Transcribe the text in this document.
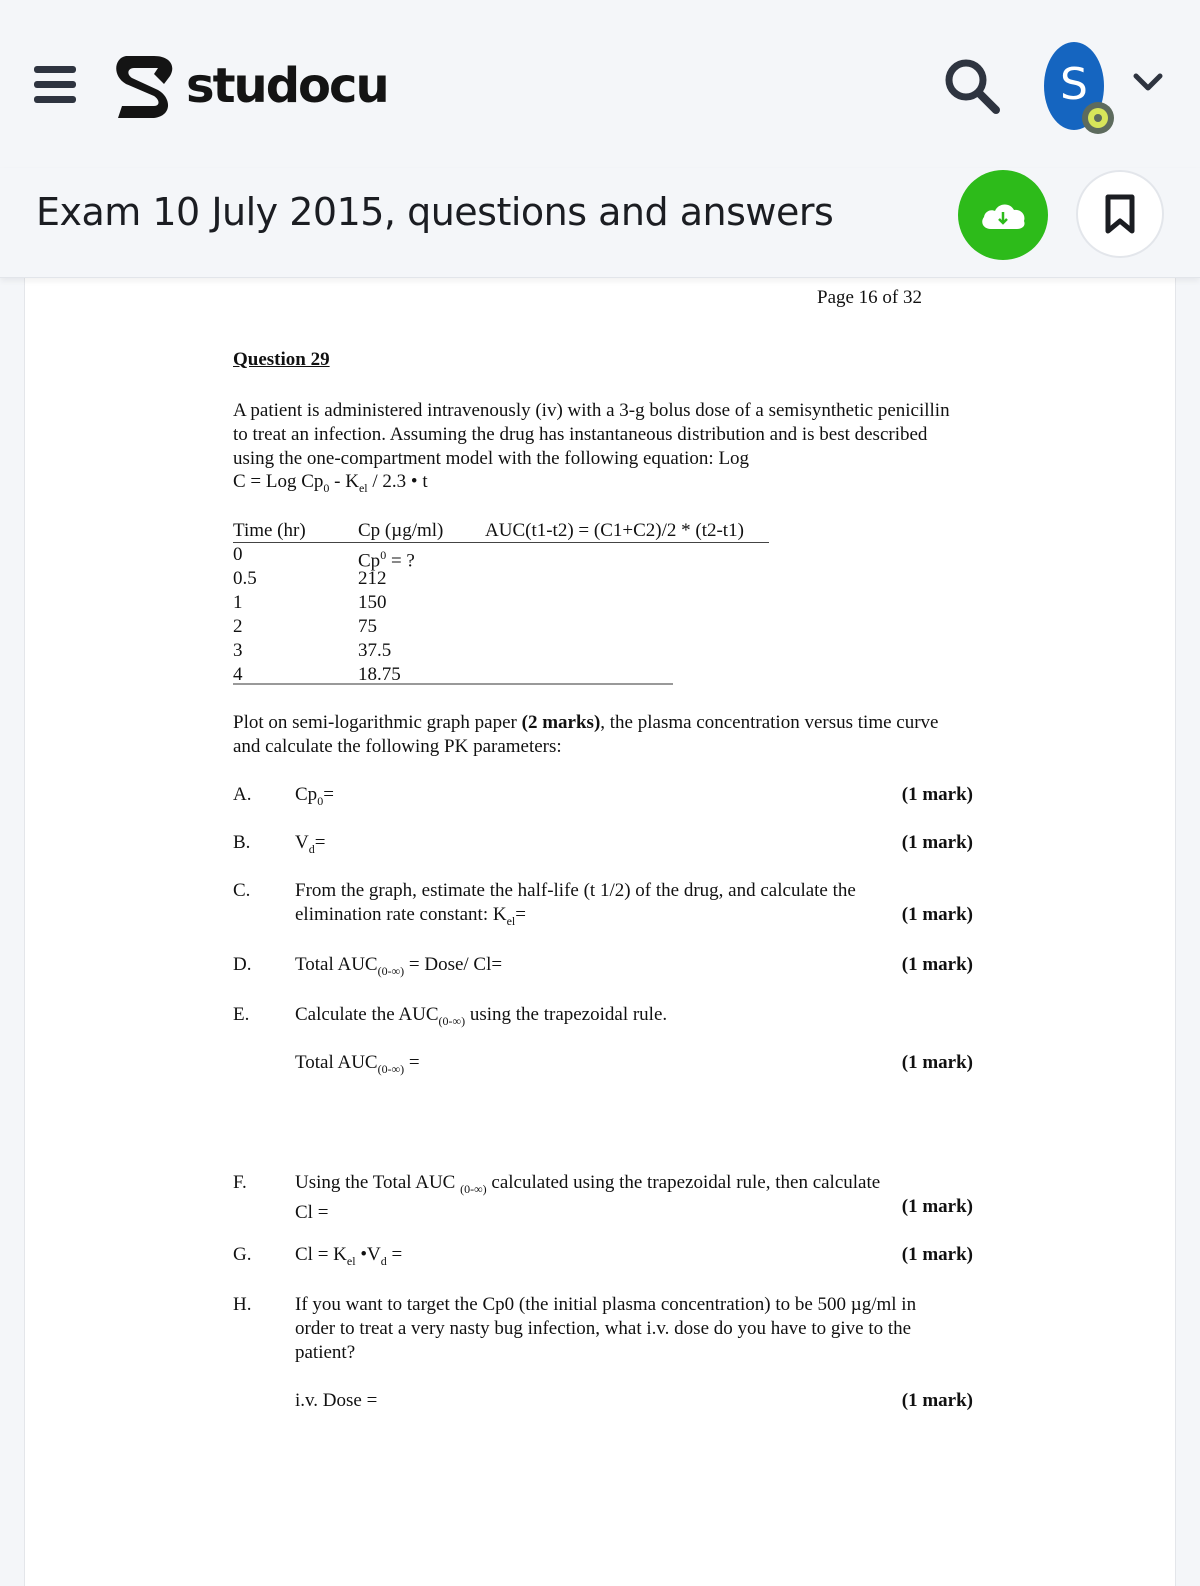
studocu	S
Exam 10 July 2015, questions and answers
Page 16 of 32
Question 29
A patient is administered intravenously (iv) with a 3-g bolus dose of a semisynthetic penicillin to treat an infection. Assuming the drug has instantaneous distribution and is best described using the one-compartment model with the following equation: Log
C = Log $Cp_0 - K_{el} / 2.3$ • t
Time (hr)	Cp (µg/ml) AUC(t1-t2) = (C1+C2)/2 * (t2-t1)
0	$Cp^0$ = ?
0.5	212
1	150
2	75
3	37.5
4	18.75
Plot on semi-logarithmic graph paper (2 marks), the plasma concentration versus time curve and calculate the following PK parameters:
A. $Cp_0=$	(1 mark)
B. $V_d=$	(1 mark)
C. From the graph, estimate the half-life (t 1/2) of the drug, and calculate the
elimination rate constant: $K_{el}=$	(1 mark)
D. Total $AUC_{(0-\infty)}$ = Dose/ Cl=	(1 mark)
E. Calculate the $AUC_{(0-\infty)}$ using the trapezoidal rule.
Total $AUC_{(0-\infty)}$ =	(1 mark)
F.	Using the Total AUC $_{(0-\infty)}$ calculated using the trapezoidal rule, then calculate
Cl =	(1 mark)
G. $Cl = K_{el}$ $•V_d$ =	(1 mark)
H. If you want to target the Cp0 (the initial plasma concentration) to be 500 µg/ml in order to treat a very nasty bug infection, what i.v. dose do you have to give to the patient?
i.v. Dose =	(1 mark)
